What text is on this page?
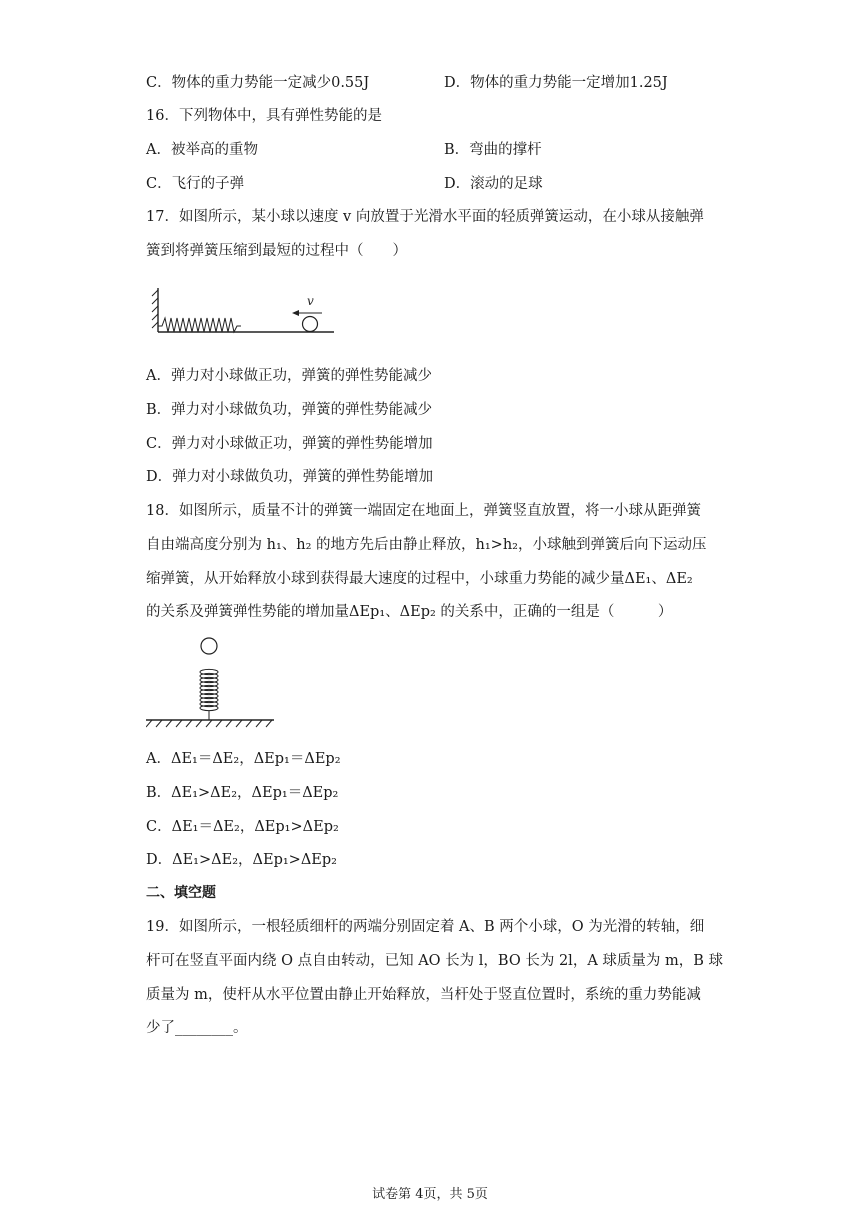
C．物体的重力势能一定减少0.55J	D．物体的重力势能一定增加1.25J
16．下列物体中，具有弹性势能的是
A．被举高的重物	B．弯曲的撑杆
C．飞行的子弹	D．滚动的足球
17．如图所示，某小球以速度 v 向放置于光滑水平面的轻质弹簧运动，在小球从接触弹
簧到将弹簧压缩到最短的过程中（　　）
v
A．弹力对小球做正功，弹簧的弹性势能减少
B．弹力对小球做负功，弹簧的弹性势能减少
C．弹力对小球做正功，弹簧的弹性势能增加
D．弹力对小球做负功，弹簧的弹性势能增加
18．如图所示，质量不计的弹簧一端固定在地面上，弹簧竖直放置，将一小球从距弹簧
自由端高度分别为 h₁、h₂ 的地方先后由静止释放，h₁>h₂，小球触到弹簧后向下运动压
缩弹簧，从开始释放小球到获得最大速度的过程中，小球重力势能的减少量ΔE₁、ΔE₂
的关系及弹簧弹性势能的增加量ΔEp₁、ΔEp₂ 的关系中，正确的一组是（　　　）
A．ΔE₁＝ΔE₂，ΔEp₁＝ΔEp₂
B．ΔE₁>ΔE₂，ΔEp₁＝ΔEp₂
C．ΔE₁＝ΔE₂，ΔEp₁>ΔEp₂
D．ΔE₁>ΔE₂，ΔEp₁>ΔEp₂
二、填空题
19．如图所示，一根轻质细杆的两端分别固定着 A、B 两个小球，O 为光滑的转轴，细
杆可在竖直平面内绕 O 点自由转动，已知 AO 长为 l，BO 长为 2l，A 球质量为 m，B 球
质量为 m，使杆从水平位置由静止开始释放，当杆处于竖直位置时，系统的重力势能减
少了________。
试卷第 4页，共 5页
